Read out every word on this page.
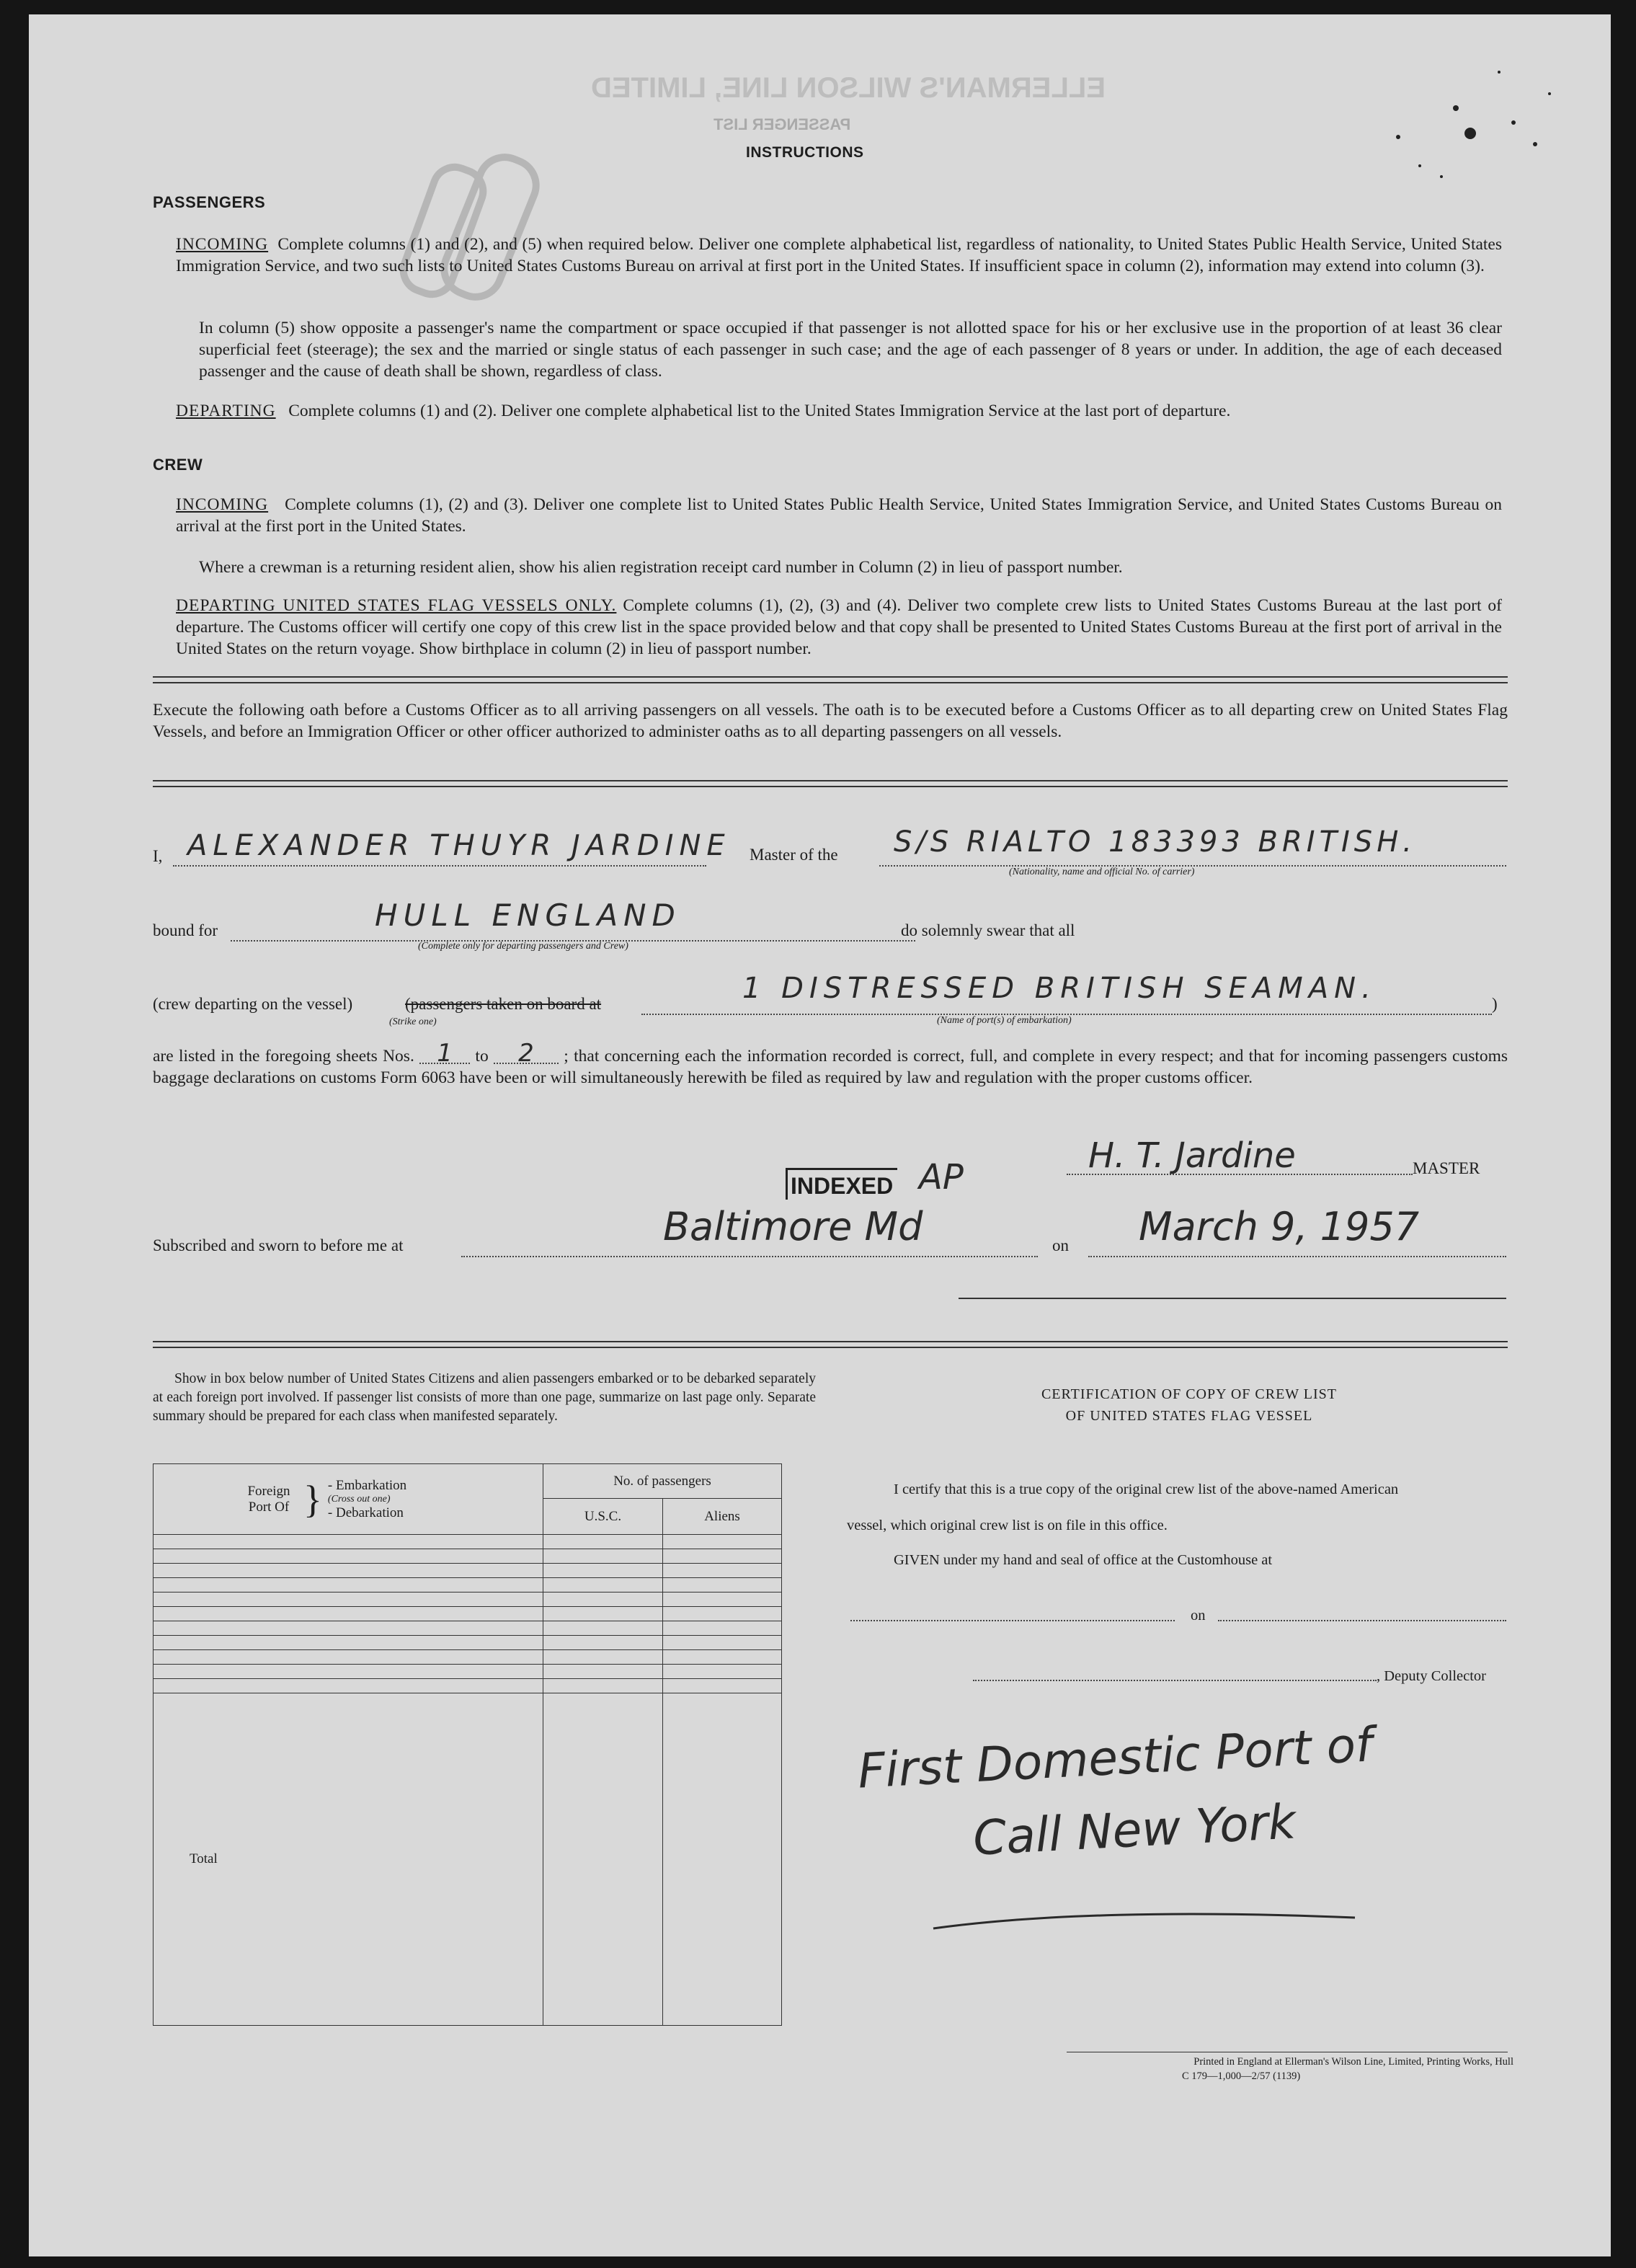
ELLERMAN'S WILSON LINE, LIMITED
PASSENGER LIST
INSTRUCTIONS
PASSENGERS
INCOMING Complete columns (1) and (2), and (5) when required below. Deliver one complete alphabetical list, regardless of nationality, to United States Public Health Service, United States Immigration Service, and two such lists to United States Customs Bureau on arrival at first port in the United States. If insufficient space in column (2), information may extend into column (3).
In column (5) show opposite a passenger's name the compartment or space occupied if that passenger is not allotted space for his or her exclusive use in the proportion of at least 36 clear superficial feet (steerage); the sex and the married or single status of each passenger in such case; and the age of each passenger of 8 years or under. In addition, the age of each deceased passenger and the cause of death shall be shown, regardless of class.
DEPARTING Complete columns (1) and (2). Deliver one complete alphabetical list to the United States Immigration Service at the last port of departure.
CREW
INCOMING Complete columns (1), (2) and (3). Deliver one complete list to United States Public Health Service, United States Immigration Service, and United States Customs Bureau on arrival at the first port in the United States.
Where a crewman is a returning resident alien, show his alien registration receipt card number in Column (2) in lieu of passport number.
DEPARTING UNITED STATES FLAG VESSELS ONLY. Complete columns (1), (2), (3) and (4). Deliver two complete crew lists to United States Customs Bureau at the last port of departure. The Customs officer will certify one copy of this crew list in the space provided below and that copy shall be presented to United States Customs Bureau at the first port of arrival in the United States on the return voyage. Show birthplace in column (2) in lieu of passport number.
Execute the following oath before a Customs Officer as to all arriving passengers on all vessels. The oath is to be executed before a Customs Officer as to all departing crew on United States Flag Vessels, and before an Immigration Officer or other officer authorized to administer oaths as to all departing passengers on all vessels.
I, ALEXANDER THUYR JARDINE Master of the S/S RIALTO 183393 BRITISH.
(Nationality, name and official No. of carrier)
bound for	HULL ENGLAND
(Complete only for departing passengers and Crew)
do solemnly swear that all
(crew departing on the vessel)	(passengers taken on board at
(Strike one)
1 DISTRESSED BRITISH SEAMAN.
(Name of port(s) of embarkation)
)
are listed in the foregoing sheets Nos. 1 to 2 ; that concerning each the information recorded is correct, full, and complete in every respect; and that for incoming passengers customs baggage declarations on customs Form 6063 have been or will simultaneously herewith be filed as required by law and regulation with the proper customs officer.
INDEXED AP
H. T. Jardine	MASTER
Subscribed and sworn to before me at	Baltimore Md	on March 9, 1957
Show in box below number of United States Citizens and alien passengers embarked or to be debarked separately at each foreign port involved. If passenger list consists of more than one page, summarize on last page only. Separate summary should be prepared for each class when manifested separately.
Foreign Port Of } - Embarkation
(Cross out one)
- Debarkation	No. of passengers	
	U.S.C.	Aliens

Total		
CERTIFICATION OF COPY OF CREW LIST
OF UNITED STATES FLAG VESSEL
I certify that this is a true copy of the original crew list of the above-named American
vessel, which original crew list is on file in this office.
GIVEN under my hand and seal of office at the Customhouse at
on
, Deputy Collector
First Domestic Port of
Call New York
Printed in England at Ellerman's Wilson Line, Limited, Printing Works, Hull
C 179—1,000—2/57 (1139)
